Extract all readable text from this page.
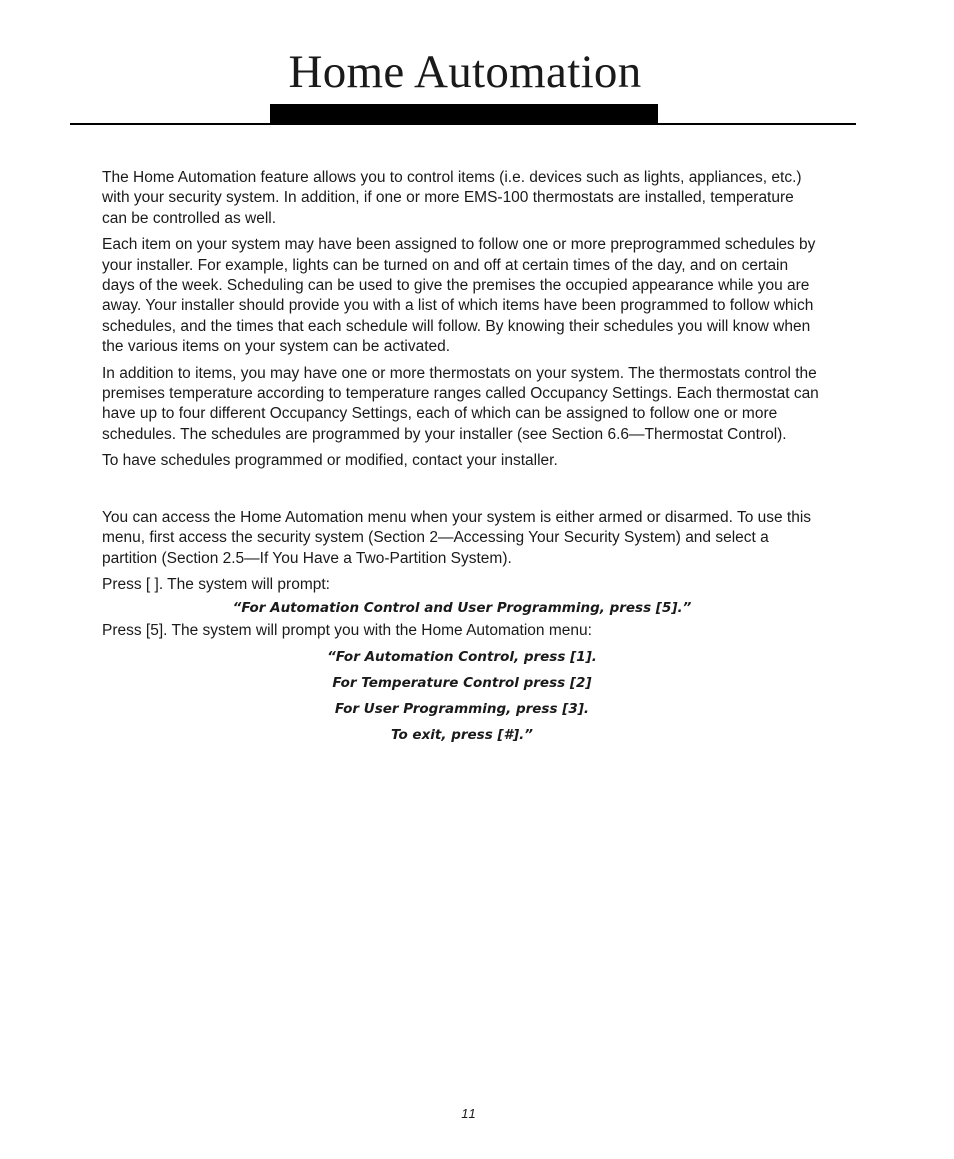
Home Automation

The Home Automation feature allows you to control items (i.e. devices such as lights, appliances, etc.) with your security system. In addition, if one or more EMS-100 thermostats are installed, temperature can be controlled as well.

Each item on your system may have been assigned to follow one or more preprogrammed schedules by your installer. For example, lights can be turned on and off at certain times of the day, and on certain days of the week. Scheduling can be used to give the premises the occupied appearance while you are away. Your installer should provide you with a list of which items have been programmed to follow which schedules, and the times that each schedule will follow. By knowing their schedules you will know when the various items on your system can be activated.

In addition to items, you may have one or more thermostats on your system. The thermostats control the premises temperature according to temperature ranges called Occupancy Settings. Each thermostat can have up to four different Occupancy Settings, each of which can be assigned to follow one or more schedules. The schedules are programmed by your installer (see Section 6.6—Thermostat Control).

To have schedules programmed or modified, contact your installer.

You can access the Home Automation menu when your system is either armed or disarmed. To use this menu, first access the security system (Section 2—Accessing Your Security System) and select a partition (Section 2.5—If You Have a Two-Partition System).

Press [ ]. The system will prompt:

“For Automation Control and User Programming, press [5].”

Press [5]. The system will prompt you with the Home Automation menu:

“For Automation Control, press [1].

For Temperature Control press [2]

For User Programming, press [3].

To exit, press [#].”

11
